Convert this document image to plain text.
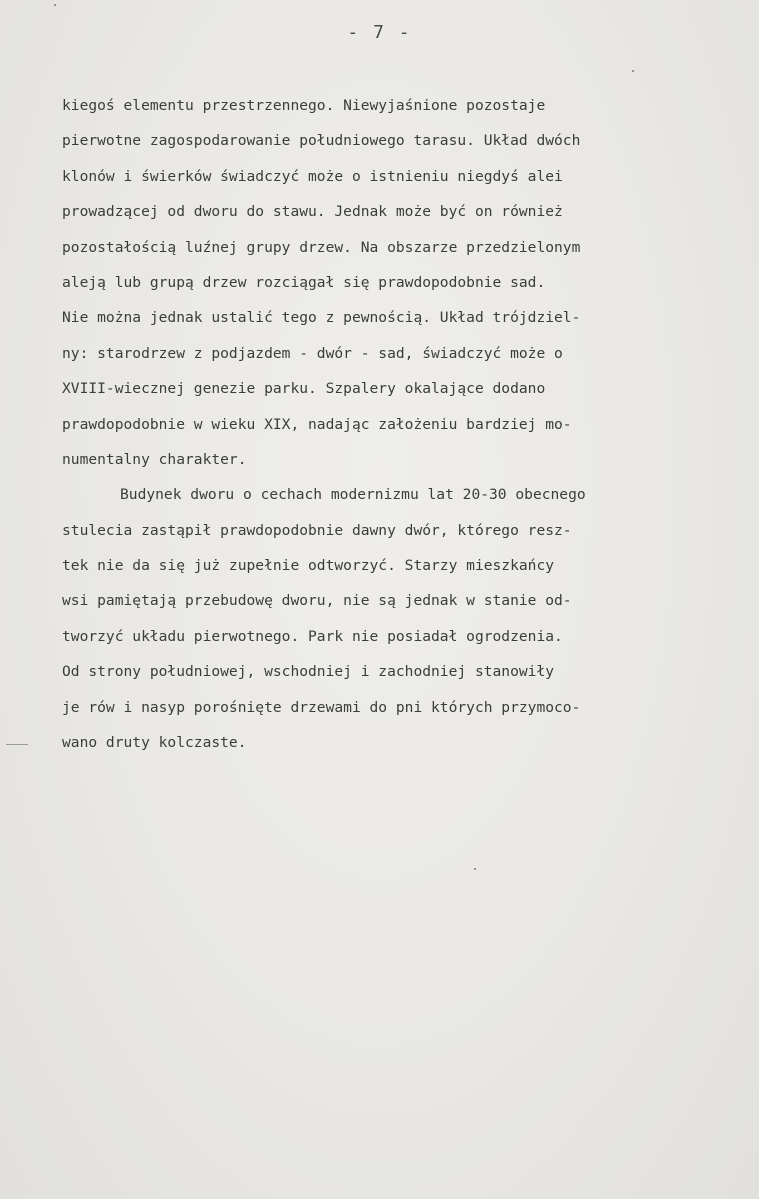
- 7 -
kiegoś elementu przestrzennego. Niewyjaśnione pozostaje
pierwotne zagospodarowanie południowego tarasu. Układ dwóch
klonów i świerków świadczyć może o istnieniu niegdyś alei
prowadzącej od dworu do stawu. Jednak może być on również
pozostałością luźnej grupy drzew. Na obszarze przedzielonym
aleją lub grupą drzew rozciągał się prawdopodobnie sad.
Nie można jednak ustalić tego z pewnością. Układ trójdziel-
ny: starodrzew z podjazdem - dwór - sad, świadczyć może o
XVIII-wiecznej genezie parku. Szpalery okalające dodano
prawdopodobnie w wieku XIX, nadając założeniu bardziej mo-
numentalny charakter.
Budynek dworu o cechach modernizmu lat 20-30 obecnego
stulecia zastąpił prawdopodobnie dawny dwór, którego resz-
tek nie da się już zupełnie odtworzyć. Starzy mieszkańcy
wsi pamiętają przebudowę dworu, nie są jednak w stanie od-
tworzyć układu pierwotnego. Park nie posiadał ogrodzenia.
Od strony południowej, wschodniej i zachodniej stanowiły
je rów i nasyp porośnięte drzewami do pni których przymoco-
wano druty kolczaste.
